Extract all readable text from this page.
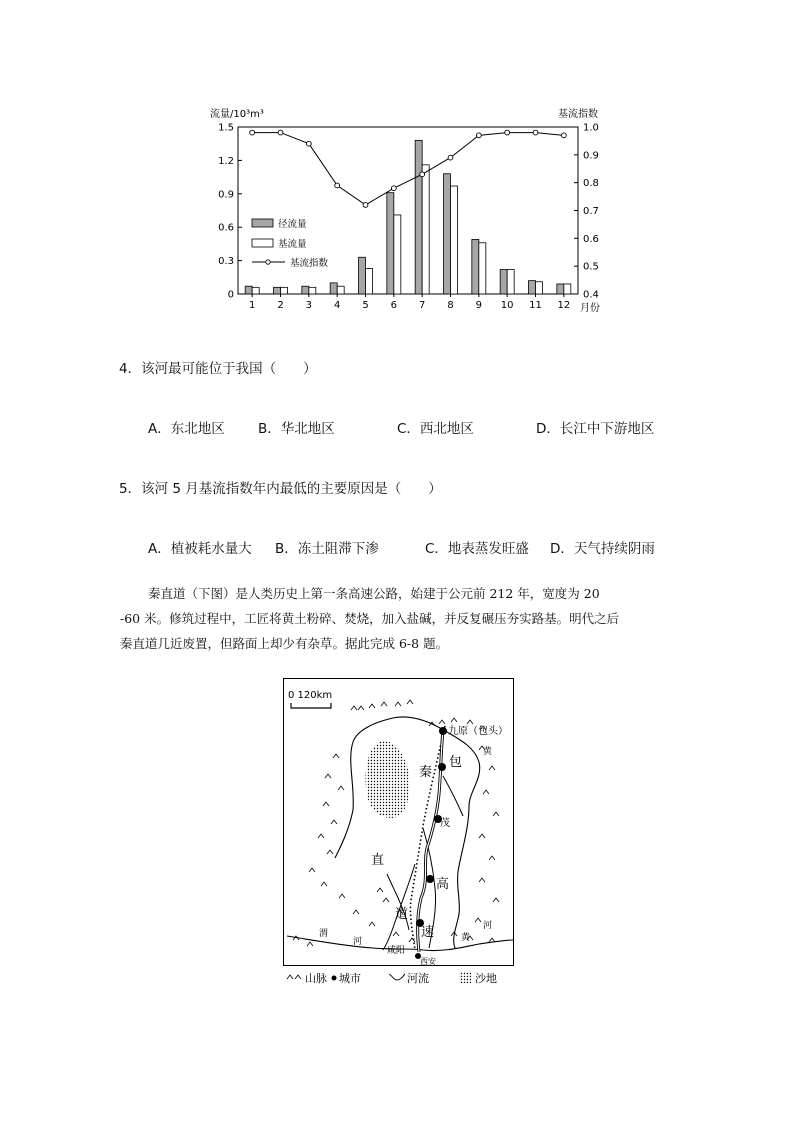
流量/10³m³	基流指数
月份
0
0.3
0.6
0.9
1.2
1.5
0.4
0.5
0.6
0.7
0.8
0.9
1.0
1 2 3 4 5 6 7 8 9 10 11 12
径流量
基流量
基流指数
4．该河最可能位于我国（　　）
A．东北地区 B．华北地区	C．西北地区	D．长江中下游地区
5．该河 5 月基流指数年内最低的主要原因是（　　）
A．植被耗水量大 B．冻土阻滞下渗	C．地表蒸发旺盛 D．天气持续阴雨
秦直道（下图）是人类历史上第一条高速公路，始建于公元前 212 年，宽度为 20
-60 米。修筑过程中，工匠将黄土粉碎、焚烧，加入盐碱，并反复碾压夯实路基。明代之后
秦直道几近废置，但路面上却少有杂草。据此完成 6-8 题。
0 120km
九原（包头）
咸阳
西安
秦
直
道
包
茂
高
速
渭
河	黄
河
黄
山脉 城市	河流	沙地
